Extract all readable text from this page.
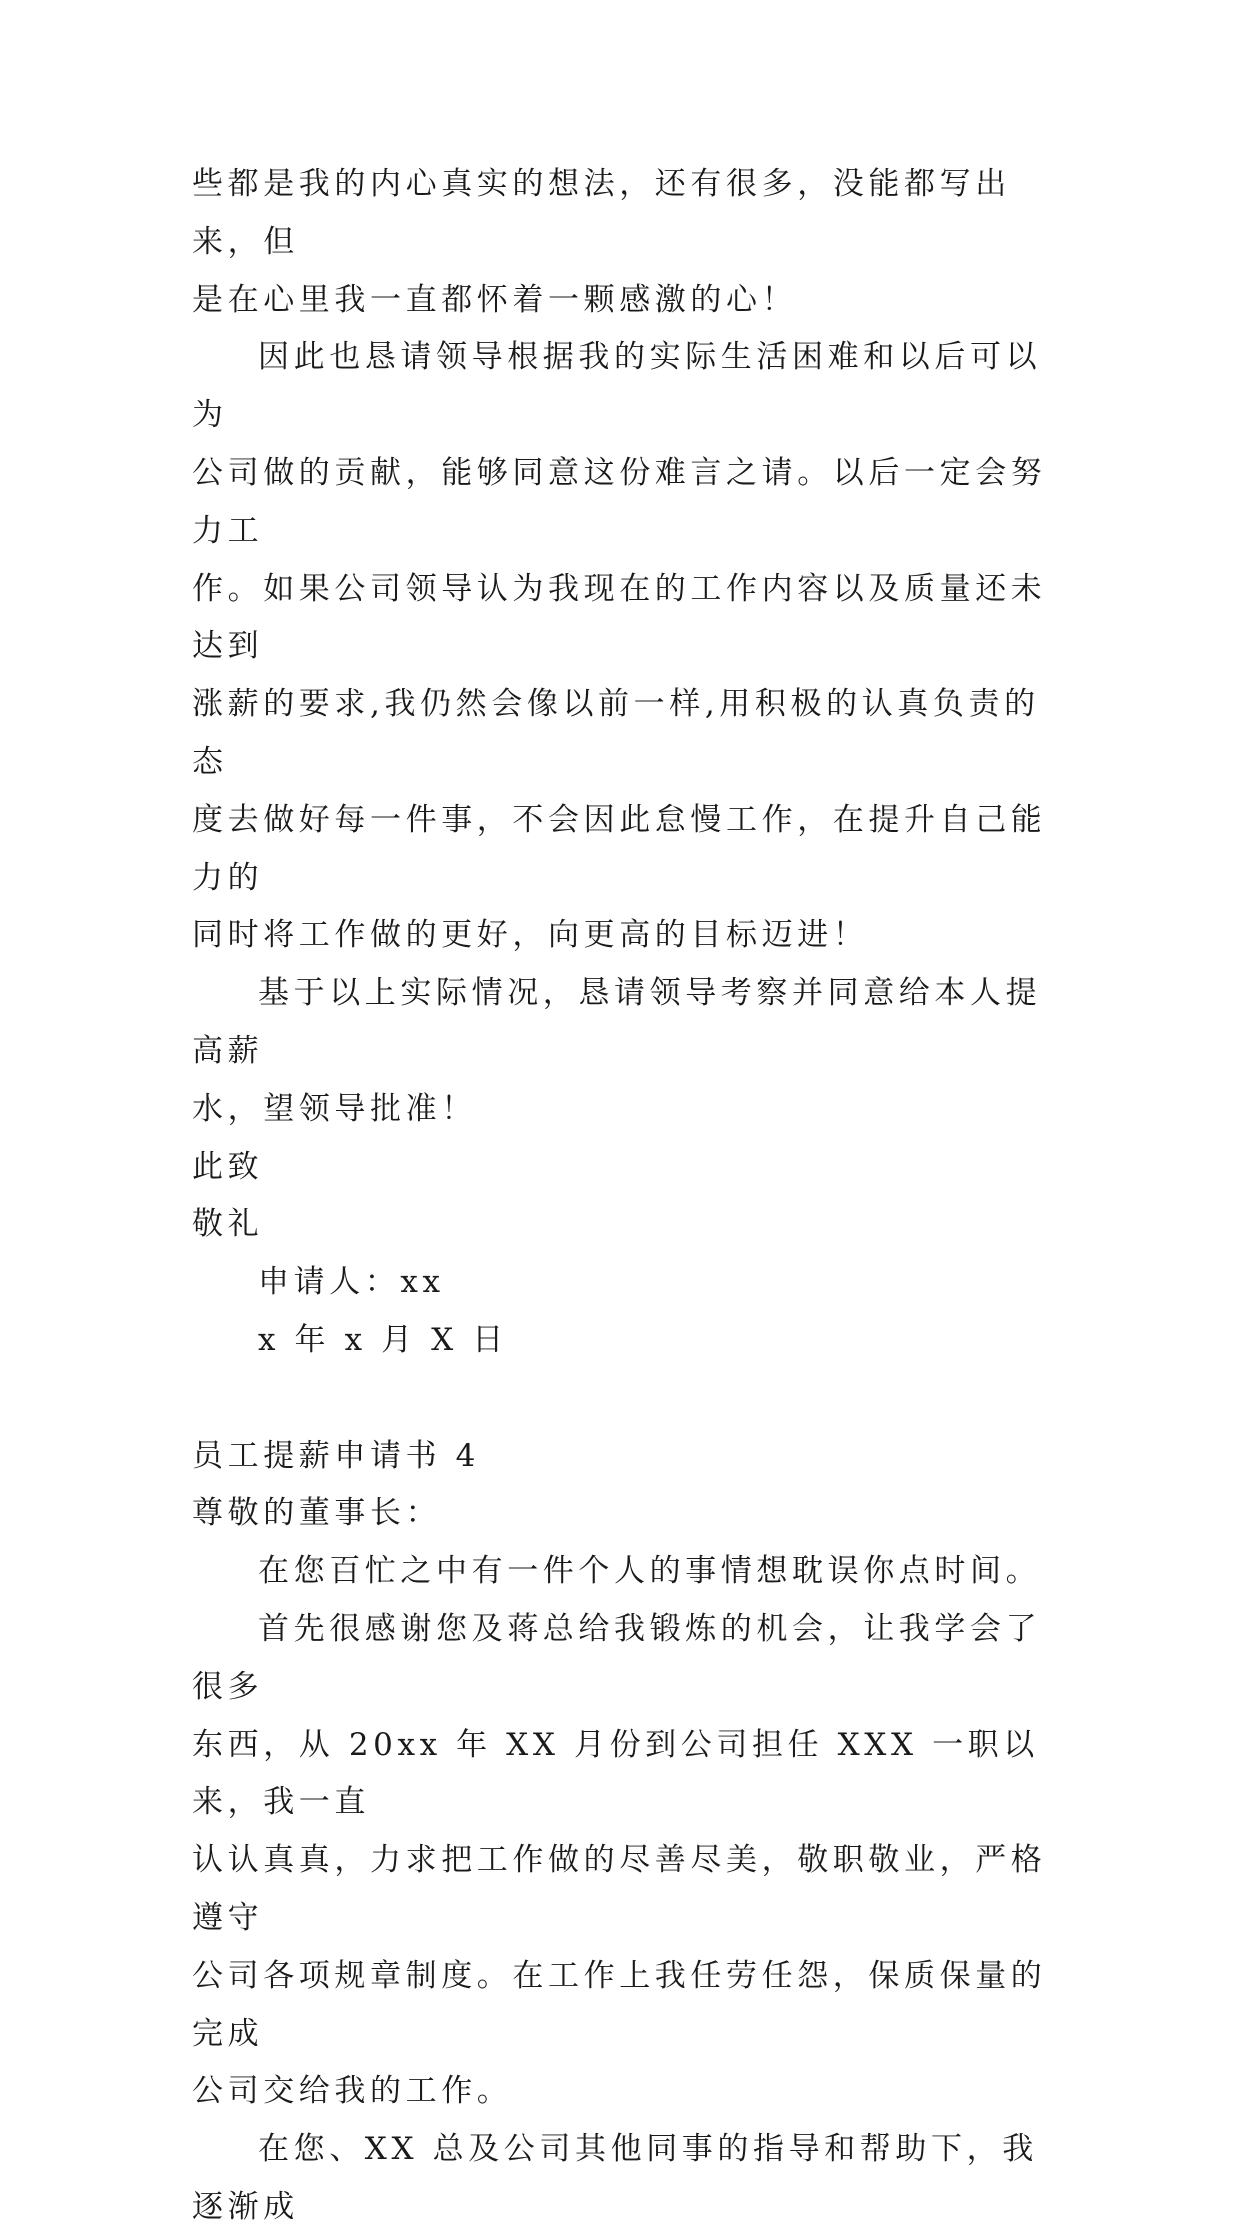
些都是我的内心真实的想法，还有很多，没能都写出来，但
是在心里我一直都怀着一颗感激的心！

因此也恳请领导根据我的实际生活困难和以后可以为
公司做的贡献，能够同意这份难言之请。以后一定会努力工
作。如果公司领导认为我现在的工作内容以及质量还未达到
涨薪的要求,我仍然会像以前一样,用积极的认真负责的态
度去做好每一件事，不会因此怠慢工作，在提升自己能力的
同时将工作做的更好，向更高的目标迈进！

基于以上实际情况，恳请领导考察并同意给本人提高薪
水，望领导批准！

此致

敬礼

申请人：xx

x 年 x 月 X 日

员工提薪申请书 4

尊敬的董事长：

在您百忙之中有一件个人的事情想耽误你点时间。

首先很感谢您及蒋总给我锻炼的机会，让我学会了很多
东西，从 20xx 年 XX 月份到公司担任 XXX 一职以来，我一直
认认真真，力求把工作做的尽善尽美，敬职敬业，严格遵守
公司各项规章制度。在工作上我任劳任怨，保质保量的完成
公司交给我的工作。

在您、XX 总及公司其他同事的指导和帮助下，我逐渐成
